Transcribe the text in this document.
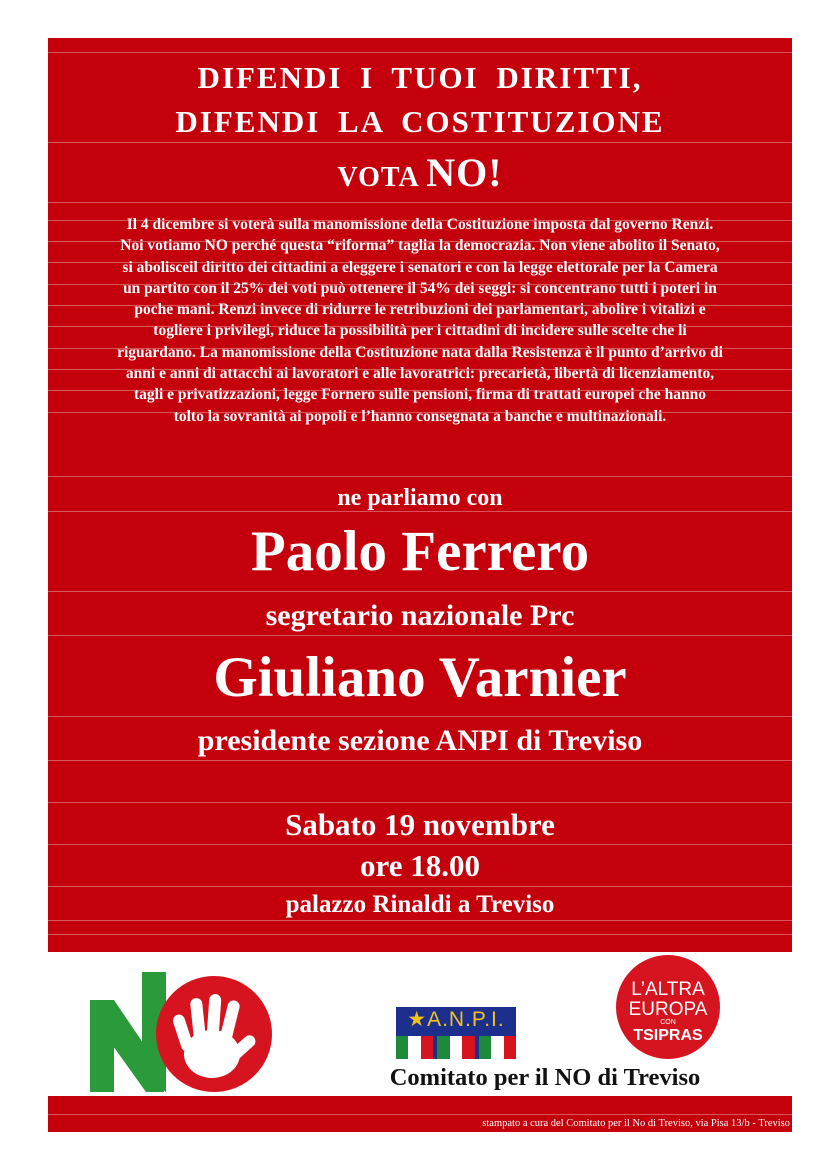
DIFENDI I TUOI DIRITTI,
DIFENDI LA COSTITUZIONE
VOTA NO!
Il 4 dicembre si voterà sulla manomissione della Costituzione imposta dal governo Renzi.
Noi votiamo NO perché questa “riforma” taglia la democrazia. Non viene abolito il Senato,
si abolisceil diritto dei cittadini a eleggere i senatori e con la legge elettorale per la Camera
un partito con il 25% dei voti può ottenere il 54% dei seggi: si concentrano tutti i poteri in
poche mani. Renzi invece di ridurre le retribuzioni dei parlamentari, abolire i vitalizi e
togliere i privilegi, riduce la possibilità per i cittadini di incidere sulle scelte che li
riguardano. La manomissione della Costituzione nata dalla Resistenza è il punto d’arrivo di
anni e anni di attacchi ai lavoratori e alle lavoratrici: precarietà, libertà di licenziamento,
tagli e privatizzazioni, legge Fornero sulle pensioni, firma di trattati europei che hanno
tolto la sovranità ai popoli e l’hanno consegnata a banche e multinazionali.
ne parliamo con
Paolo Ferrero
segretario nazionale Prc
Giuliano Varnier
presidente sezione ANPI di Treviso
Sabato 19 novembre
ore 18.00
palazzo Rinaldi a Treviso
★A.N.P.I.
L’ALTRA
EUROPA
CON
TSIPRAS
Comitato per il NO di Treviso
stampato a cura del Comitato per il No di Treviso, via Pisa 13/b - Treviso
